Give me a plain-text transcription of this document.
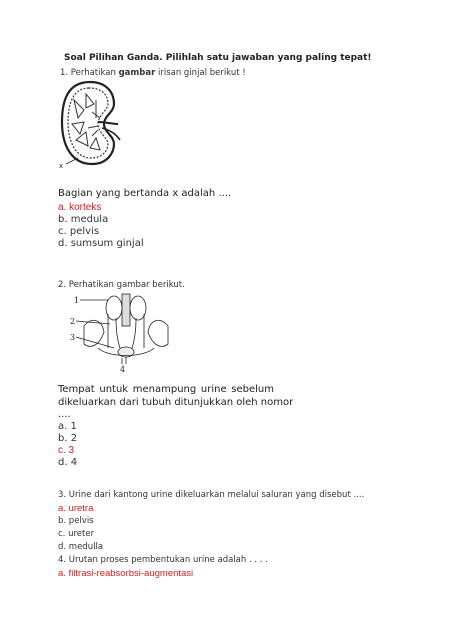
Soal Pilihan Ganda. Pilihlah satu jawaban yang paling tepat!
1. Perhatikan gambar irisan ginjal berikut !
x
Bagian yang bertanda x adalah ....
a. korteks
b. medula
c. pelvis
d. sumsum ginjal
2. Perhatikan gambar berikut.
1
2
3
4
Tempat untuk menampung urine sebelum
dikeluarkan dari tubuh ditunjukkan oleh nomor
....
a. 1
b. 2
c. 3
d. 4
3. Urine dari kantong urine dikeluarkan melalui saluran yang disebut ....
a. uretra
b. pelvis
c. ureter
d. medulla
4. Urutan proses pembentukan urine adalah . . . .
a. filtrasi-reabsorbsi-augmentasi
